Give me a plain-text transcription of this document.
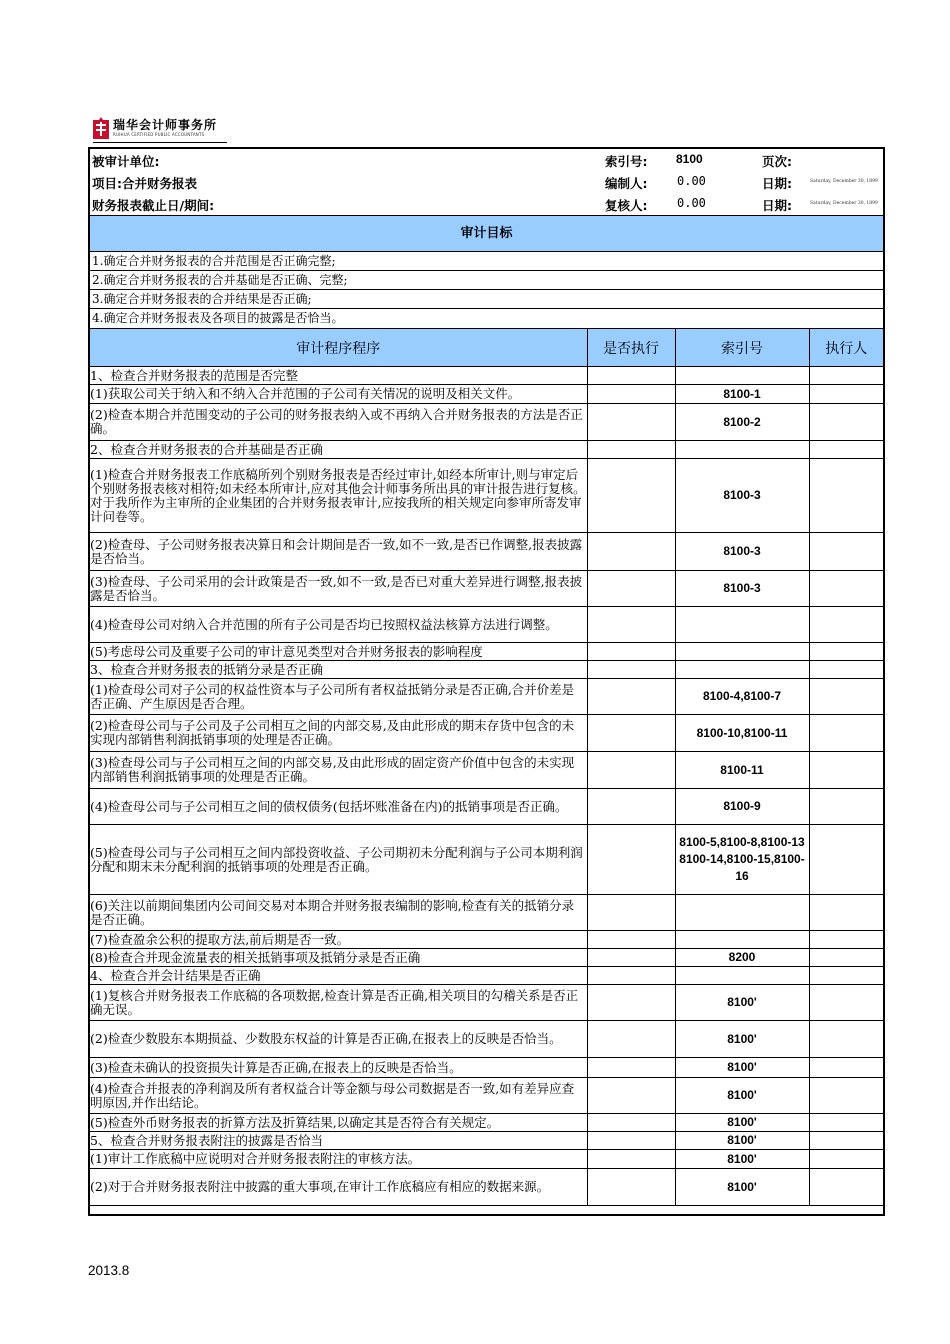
瑞华会计师事务所
RUIHUA CERTIFIED PUBLIC ACCOUNTANTS
被审计单位:	索引号: 8100	页次:
项目:合并财务报表	编制人: 0.00	日期:	Saturday, December 30, 1899
财务报表截止日/期间:	复核人: 0.00	日期:	Saturday, December 30, 1899
审计目标
1.确定合并财务报表的合并范围是否正确完整;
2.确定合并财务报表的合并基础是否正确、完整;
3.确定合并财务报表的合并结果是否正确;
4.确定合并财务报表及各项目的披露是否恰当。
审计程序程序	是否执行	索引号	执行人
1、检查合并财务报表的范围是否完整			
(1)获取公司关于纳入和不纳入合并范围的子公司有关情况的说明及相关文件。		8100-1	
(2)检查本期合并范围变动的子公司的财务报表纳入或不再纳入合并财务报表的方法是否正确。		8100-2	
2、检查合并财务报表的合并基础是否正确			
(1)检查合并财务报表工作底稿所列个别财务报表是否经过审计,如经本所审计,则与审定后个别财务报表核对相符;如未经本所审计,应对其他会计师事务所出具的审计报告进行复核。对于我所作为主审所的企业集团的合并财务报表审计,应按我所的相关规定向参审所寄发审计问卷等。		8100-3	
(2)检查母、子公司财务报表决算日和会计期间是否一致,如不一致,是否已作调整,报表披露是否恰当。		8100-3	
(3)检查母、子公司采用的会计政策是否一致,如不一致,是否已对重大差异进行调整,报表披露是否恰当。		8100-3	
(4)检查母公司对纳入合并范围的所有子公司是否均已按照权益法核算方法进行调整。			
(5)考虑母公司及重要子公司的审计意见类型对合并财务报表的影响程度			
3、检查合并财务报表的抵销分录是否正确			
(1)检查母公司对子公司的权益性资本与子公司所有者权益抵销分录是否正确,合并价差是否正确、产生原因是否合理。		8100-4,8100-7	
(2)检查母公司与子公司及子公司相互之间的内部交易,及由此形成的期末存货中包含的未实现内部销售利润抵销事项的处理是否正确。		8100-10,8100-11	
(3)检查母公司与子公司相互之间的内部交易,及由此形成的固定资产价值中包含的未实现内部销售利润抵销事项的处理是否正确。		8100-11	
(4)检查母公司与子公司相互之间的债权债务(包括坏账准备在内)的抵销事项是否正确。		8100-9	
(5)检查母公司与子公司相互之间内部投资收益、子公司期初未分配利润与子公司本期利润分配和期末未分配利润的抵销事项的处理是否正确。		8100-5,8100-8,8100-13 8100-14,8100-15,8100-16	
(6)关注以前期间集团内公司间交易对本期合并财务报表编制的影响,检查有关的抵销分录是否正确。			
(7)检查盈余公积的提取方法,前后期是否一致。			
(8)检查合并现金流量表的相关抵销事项及抵销分录是否正确		8200	
4、检查合并会计结果是否正确			
(1)复核合并财务报表工作底稿的各项数据,检查计算是否正确,相关项目的勾稽关系是否正确无误。		8100'	
(2)检查少数股东本期损益、少数股东权益的计算是否正确,在报表上的反映是否恰当。		8100'	
(3)检查未确认的投资损失计算是否正确,在报表上的反映是否恰当。		8100'	
(4)检查合并报表的净利润及所有者权益合计等金额与母公司数据是否一致,如有差异应查明原因,并作出结论。		8100'	
(5)检查外币财务报表的折算方法及折算结果,以确定其是否符合有关规定。		8100'	
5、检查合并财务报表附注的披露是否恰当		8100'	
(1)审计工作底稿中应说明对合并财务报表附注的审核方法。		8100'	
(2)对于合并财务报表附注中披露的重大事项,在审计工作底稿应有相应的数据来源。		8100'	
2013.8
